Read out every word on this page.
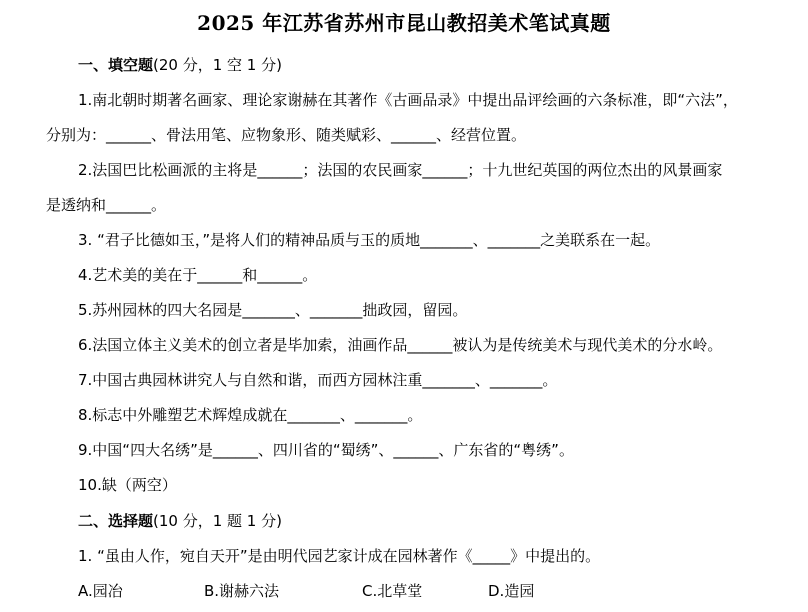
2025 年江苏省苏州市昆山教招美术笔试真题
一、填空题(20 分，1 空 1 分)
1.南北朝时期著名画家、理论家谢赫在其著作《古画品录》中提出品评绘画的六条标准，即“六法”，
分别为：______、骨法用笔、应物象形、随类赋彩、______、经营位置。
2.法国巴比松画派的主将是______；法国的农民画家______；十九世纪英国的两位杰出的风景画家
是透纳和______。
3. “君子比德如玉，”是将人们的精神品质与玉的质地_______、_______之美联系在一起。
4.艺术美的美在于______和______。
5.苏州园林的四大名园是_______、_______拙政园，留园。
6.法国立体主义美术的创立者是毕加索，油画作品______被认为是传统美术与现代美术的分水岭。
7.中国古典园林讲究人与自然和谐，而西方园林注重_______、_______。
8.标志中外雕塑艺术辉煌成就在_______、_______。
9.中国“四大名绣”是______、四川省的“蜀绣”、______、广东省的“粤绣”。
10.缺（两空）
二、选择题(10 分，1 题 1 分)
1. “虽由人作，宛自天开”是由明代园艺家计成在园林著作《_____》中提出的。
A.园冶	B.谢赫六法	C.北草堂	D.造园
